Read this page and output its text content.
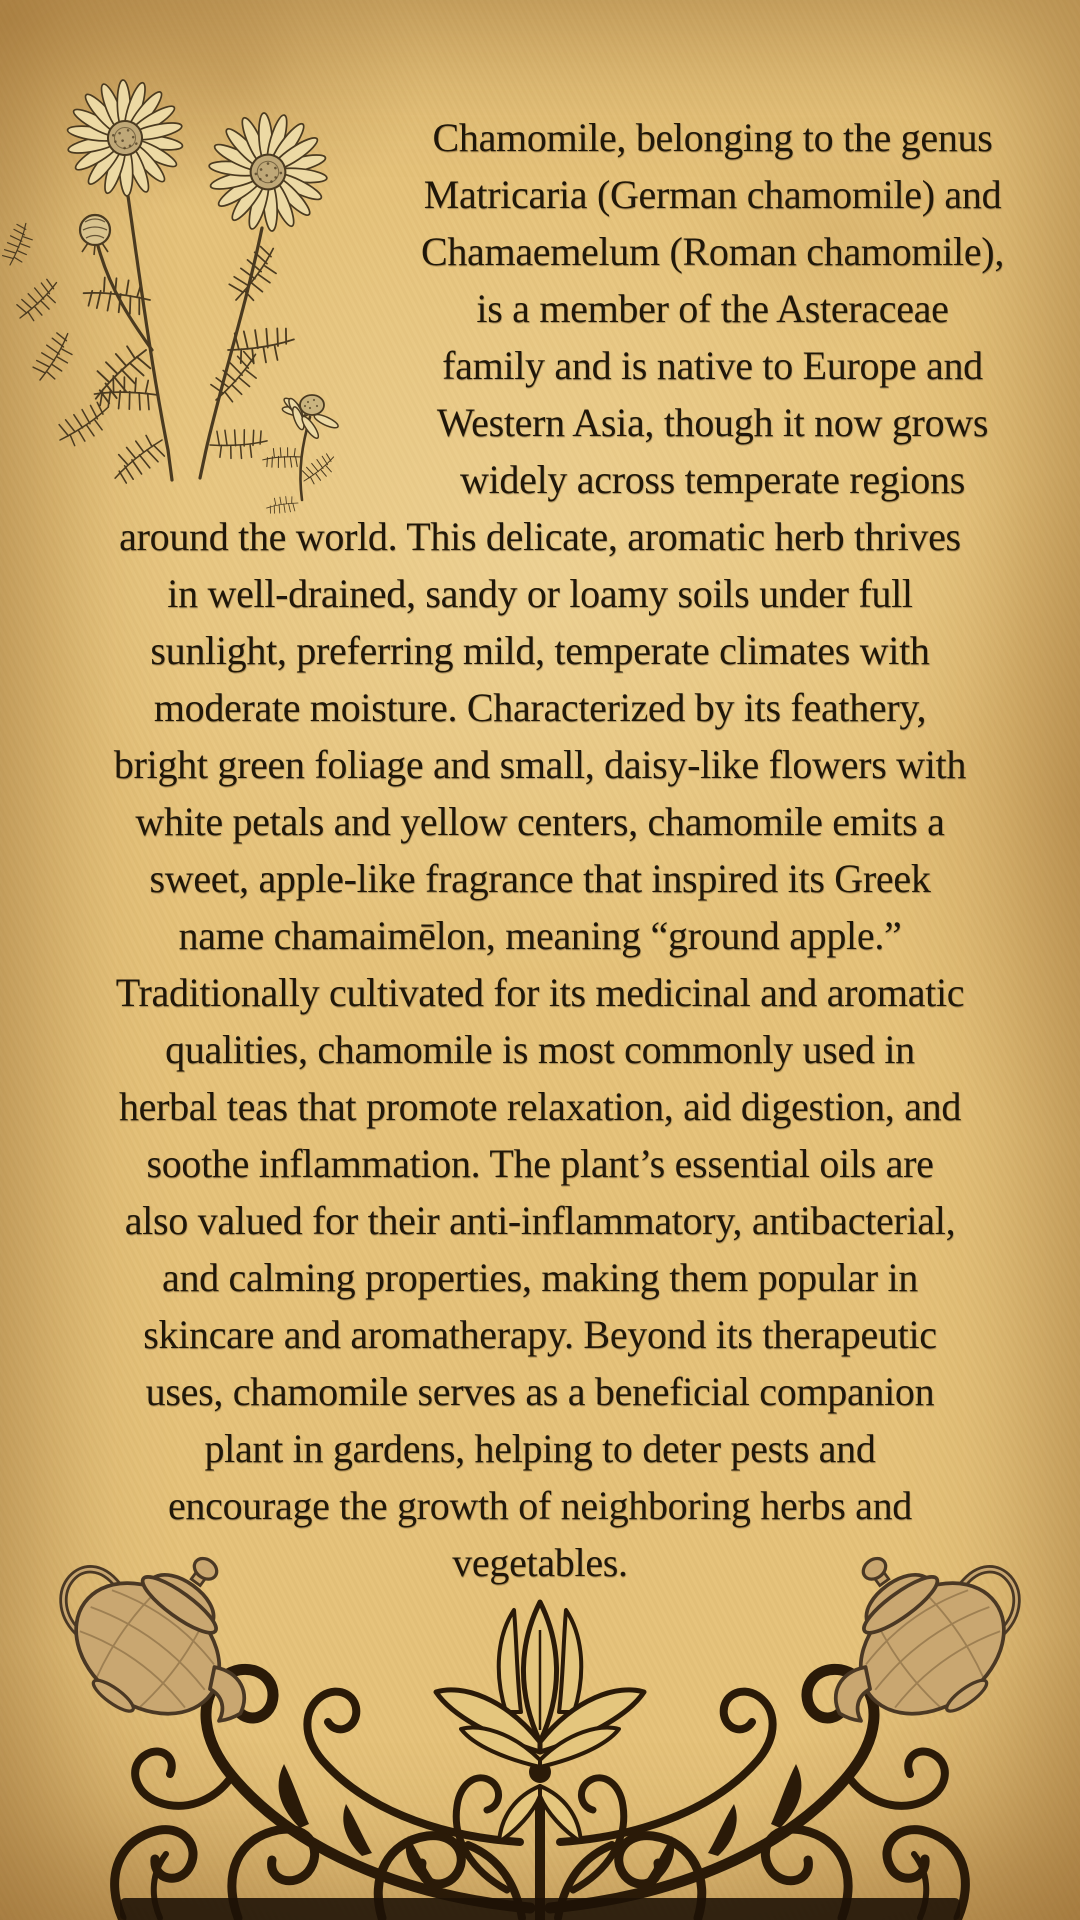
Chamomile, belonging to the genus
Matricaria (German chamomile) and
Chamaemelum (Roman chamomile),
is a member of the Asteraceae
family and is native to Europe and
Western Asia, though it now grows
widely across temperate regions
around the world. This delicate, aromatic herb thrives
in well-drained, sandy or loamy soils under full
sunlight, preferring mild, temperate climates with
moderate moisture. Characterized by its feathery,
bright green foliage and small, daisy-like flowers with
white petals and yellow centers, chamomile emits a
sweet, apple-like fragrance that inspired its Greek
name chamaimēlon, meaning “ground apple.”
Traditionally cultivated for its medicinal and aromatic
qualities, chamomile is most commonly used in
herbal teas that promote relaxation, aid digestion, and
soothe inflammation. The plant’s essential oils are
also valued for their anti-inflammatory, antibacterial,
and calming properties, making them popular in
skincare and aromatherapy. Beyond its therapeutic
uses, chamomile serves as a beneficial companion
plant in gardens, helping to deter pests and
encourage the growth of neighboring herbs and
vegetables.
